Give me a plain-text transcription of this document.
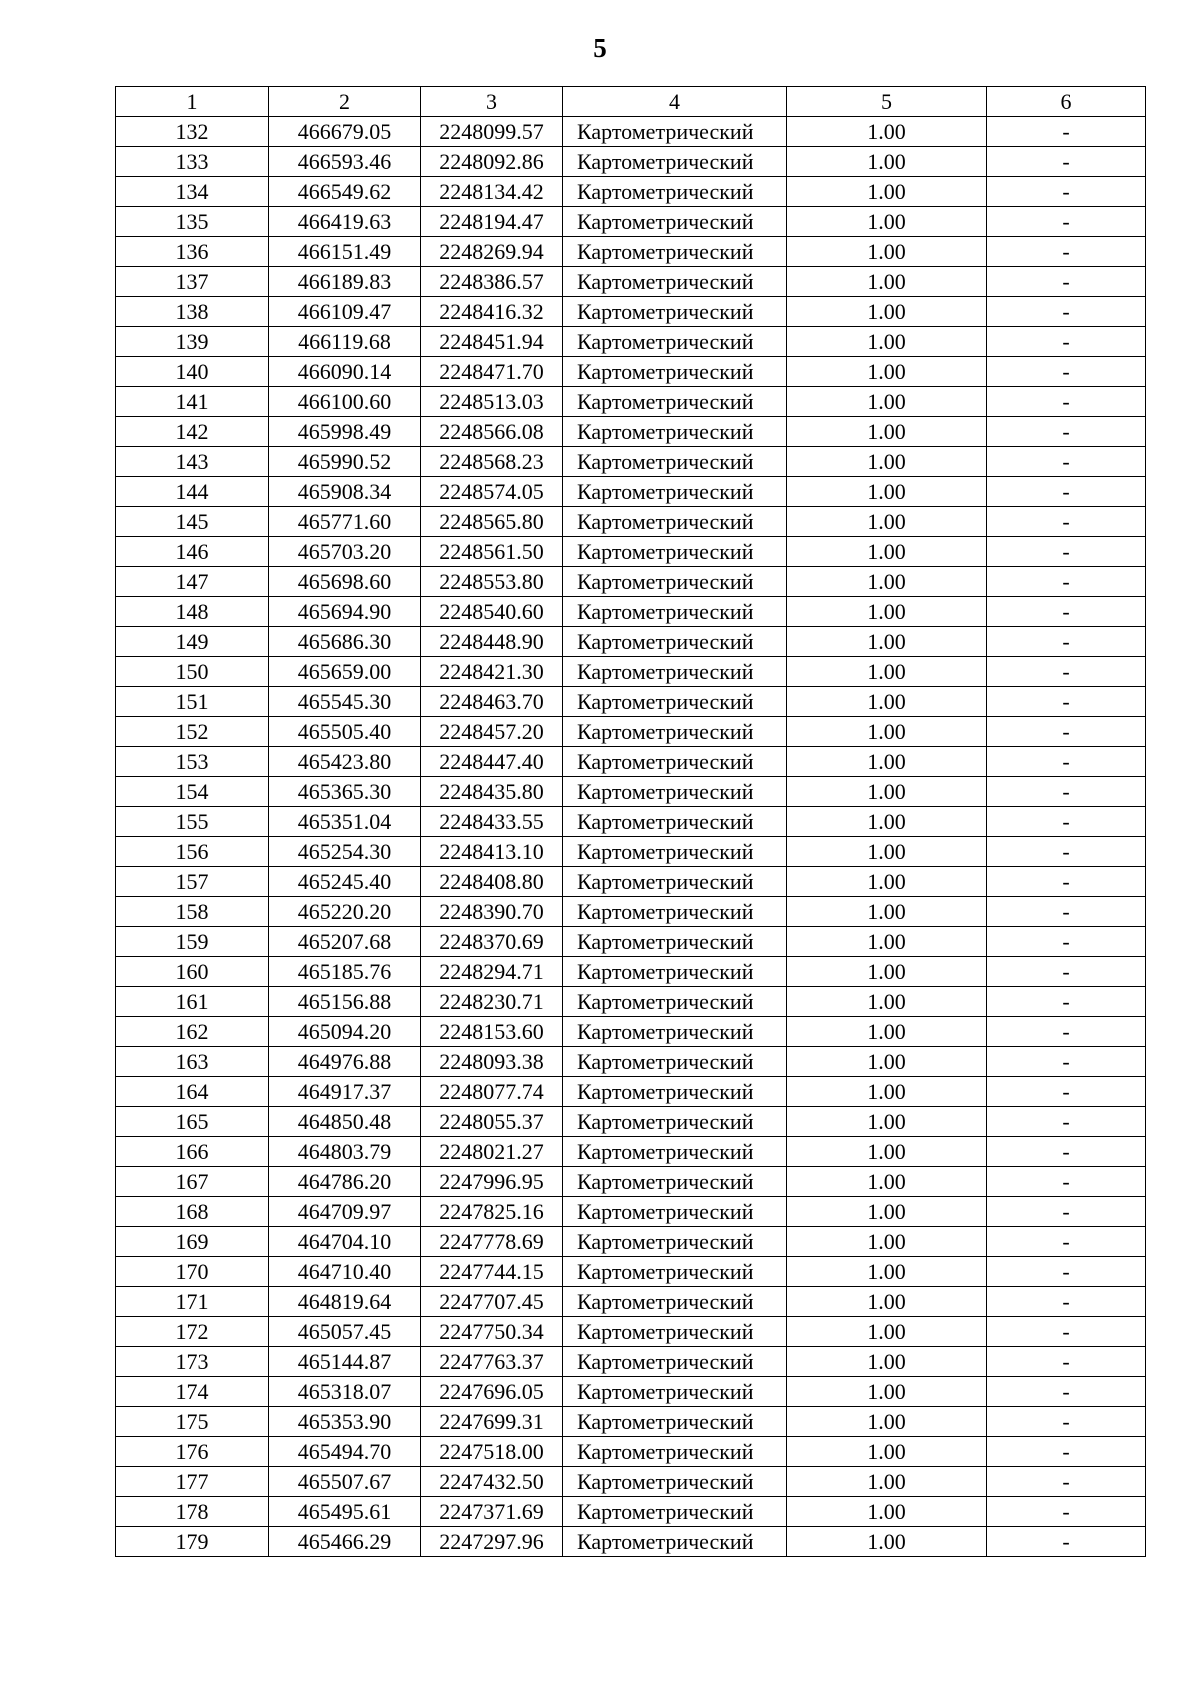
5
1	2	3	4	5	6
132	466679.05	2248099.57	Картометрический	1.00	-
133	466593.46	2248092.86	Картометрический	1.00	-
134	466549.62	2248134.42	Картометрический	1.00	-
135	466419.63	2248194.47	Картометрический	1.00	-
136	466151.49	2248269.94	Картометрический	1.00	-
137	466189.83	2248386.57	Картометрический	1.00	-
138	466109.47	2248416.32	Картометрический	1.00	-
139	466119.68	2248451.94	Картометрический	1.00	-
140	466090.14	2248471.70	Картометрический	1.00	-
141	466100.60	2248513.03	Картометрический	1.00	-
142	465998.49	2248566.08	Картометрический	1.00	-
143	465990.52	2248568.23	Картометрический	1.00	-
144	465908.34	2248574.05	Картометрический	1.00	-
145	465771.60	2248565.80	Картометрический	1.00	-
146	465703.20	2248561.50	Картометрический	1.00	-
147	465698.60	2248553.80	Картометрический	1.00	-
148	465694.90	2248540.60	Картометрический	1.00	-
149	465686.30	2248448.90	Картометрический	1.00	-
150	465659.00	2248421.30	Картометрический	1.00	-
151	465545.30	2248463.70	Картометрический	1.00	-
152	465505.40	2248457.20	Картометрический	1.00	-
153	465423.80	2248447.40	Картометрический	1.00	-
154	465365.30	2248435.80	Картометрический	1.00	-
155	465351.04	2248433.55	Картометрический	1.00	-
156	465254.30	2248413.10	Картометрический	1.00	-
157	465245.40	2248408.80	Картометрический	1.00	-
158	465220.20	2248390.70	Картометрический	1.00	-
159	465207.68	2248370.69	Картометрический	1.00	-
160	465185.76	2248294.71	Картометрический	1.00	-
161	465156.88	2248230.71	Картометрический	1.00	-
162	465094.20	2248153.60	Картометрический	1.00	-
163	464976.88	2248093.38	Картометрический	1.00	-
164	464917.37	2248077.74	Картометрический	1.00	-
165	464850.48	2248055.37	Картометрический	1.00	-
166	464803.79	2248021.27	Картометрический	1.00	-
167	464786.20	2247996.95	Картометрический	1.00	-
168	464709.97	2247825.16	Картометрический	1.00	-
169	464704.10	2247778.69	Картометрический	1.00	-
170	464710.40	2247744.15	Картометрический	1.00	-
171	464819.64	2247707.45	Картометрический	1.00	-
172	465057.45	2247750.34	Картометрический	1.00	-
173	465144.87	2247763.37	Картометрический	1.00	-
174	465318.07	2247696.05	Картометрический	1.00	-
175	465353.90	2247699.31	Картометрический	1.00	-
176	465494.70	2247518.00	Картометрический	1.00	-
177	465507.67	2247432.50	Картометрический	1.00	-
178	465495.61	2247371.69	Картометрический	1.00	-
179	465466.29	2247297.96	Картометрический	1.00	-
